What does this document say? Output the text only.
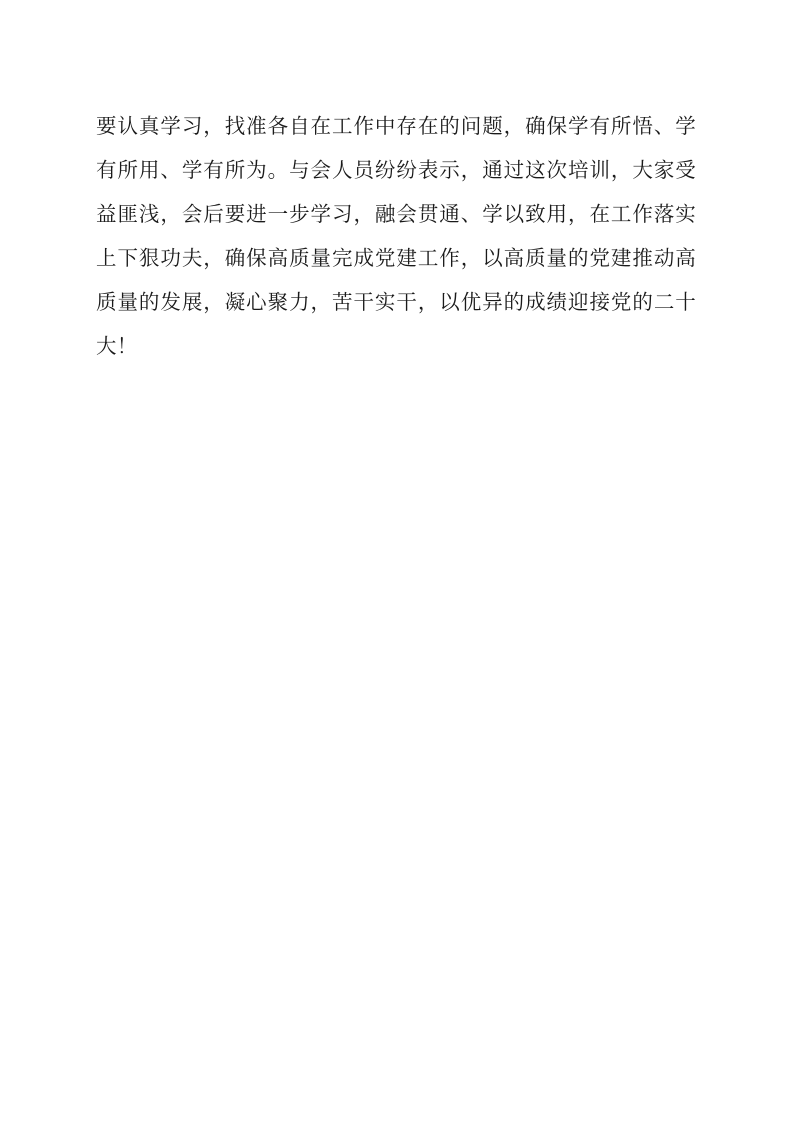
要认真学习，找准各自在工作中存在的问题，确保学有所悟、学有所用、学有所为。与会人员纷纷表示，通过这次培训，大家受益匪浅，会后要进一步学习，融会贯通、学以致用，在工作落实上下狠功夫，确保高质量完成党建工作，以高质量的党建推动高质量的发展，凝心聚力，苦干实干，以优异的成绩迎接党的二十大！
